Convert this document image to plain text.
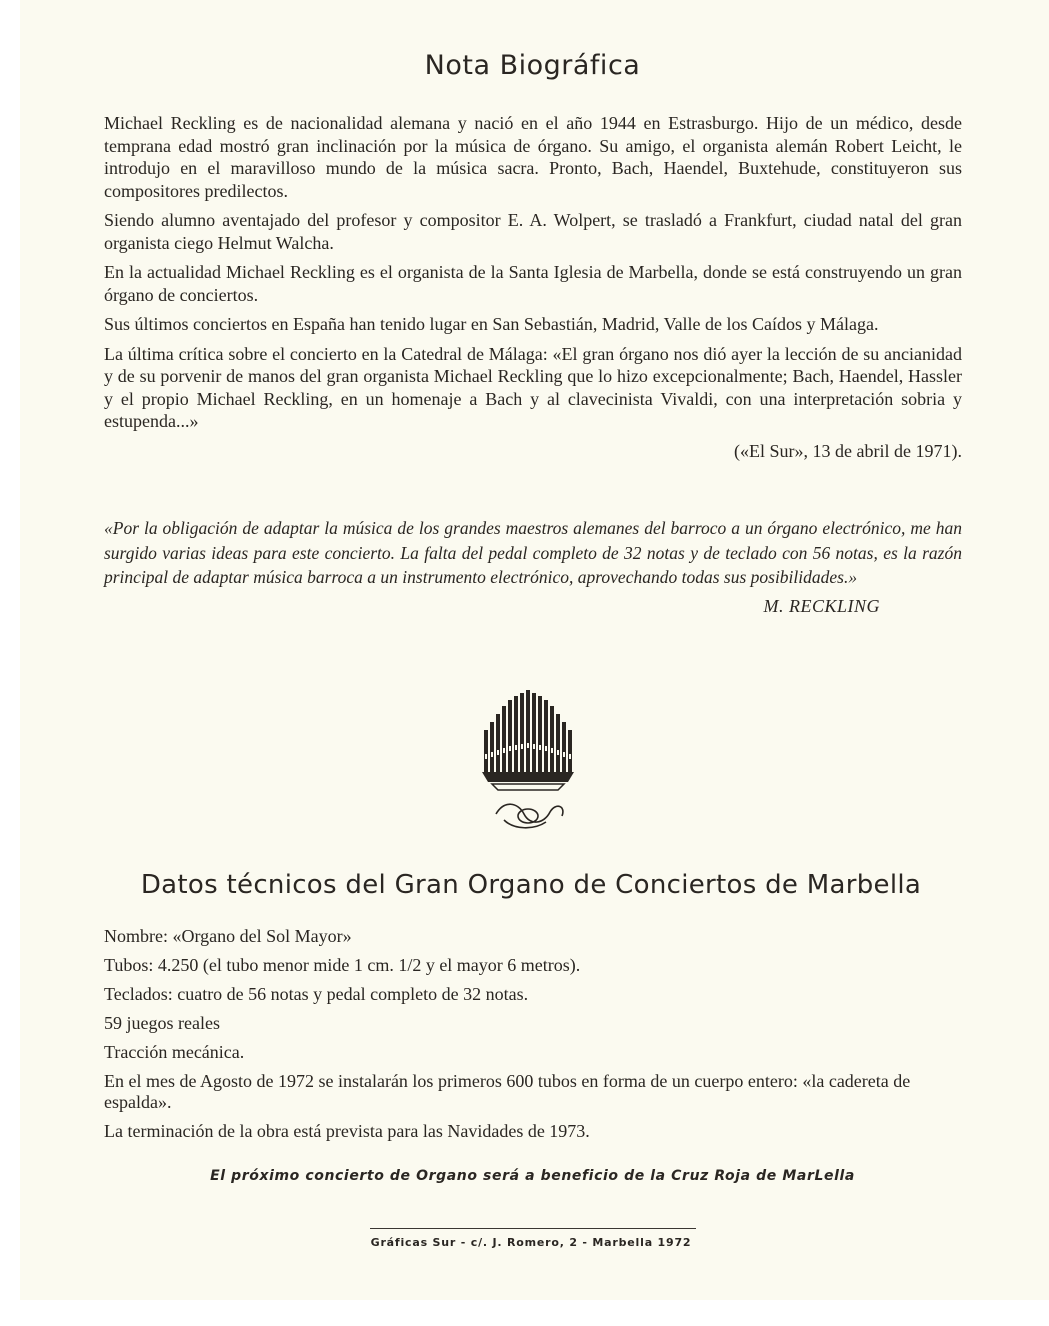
Nota Biográfica

Michael Reckling es de nacionalidad alemana y nació en el año 1944 en Estrasburgo. Hijo de un médico, desde temprana edad mostró gran inclinación por la música de órgano. Su amigo, el organista alemán Robert Leicht, le introdujo en el maravilloso mundo de la música sacra. Pronto, Bach, Haendel, Buxtehude, constituyeron sus compositores predilectos.

Siendo alumno aventajado del profesor y compositor E. A. Wolpert, se trasladó a Frankfurt, ciudad natal del gran organista ciego Helmut Walcha.

En la actualidad Michael Reckling es el organista de la Santa Iglesia de Marbella, donde se está construyendo un gran órgano de conciertos.

Sus últimos conciertos en España han tenido lugar en San Sebastián, Madrid, Valle de los Caídos y Málaga.

La última crítica sobre el concierto en la Catedral de Málaga: «El gran órgano nos dió ayer la lección de su ancianidad y de su porvenir de manos del gran organista Michael Reckling que lo hizo excepcionalmente; Bach, Haendel, Hassler y el propio Michael Reckling, en un homenaje a Bach y al clavecinista Vivaldi, con una interpretación sobria y estupenda...»

(«El Sur», 13 de abril de 1971).

«Por la obligación de adaptar la música de los grandes maestros alemanes del barroco a un órgano electrónico, me han surgido varias ideas para este concierto. La falta del pedal completo de 32 notas y de teclado con 56 notas, es la razón principal de adaptar música barroca a un instrumento electrónico, aprovechando todas sus posibilidades.»
M. RECKLING
Datos técnicos del Gran Organo de Conciertos de Marbella

Nombre: «Organo del Sol Mayor»

Tubos: 4.250 (el tubo menor mide 1 cm. 1/2 y el mayor 6 metros).

Teclados: cuatro de 56 notas y pedal completo de 32 notas.

59 juegos reales

Tracción mecánica.

En el mes de Agosto de 1972 se instalarán los primeros 600 tubos en forma de un cuerpo entero: «la cadereta de espalda».

La terminación de la obra está prevista para las Navidades de 1973.

El próximo concierto de Organo será a beneficio de la Cruz Roja de MarLella
Gráficas Sur - c/. J. Romero, 2 - Marbella 1972
